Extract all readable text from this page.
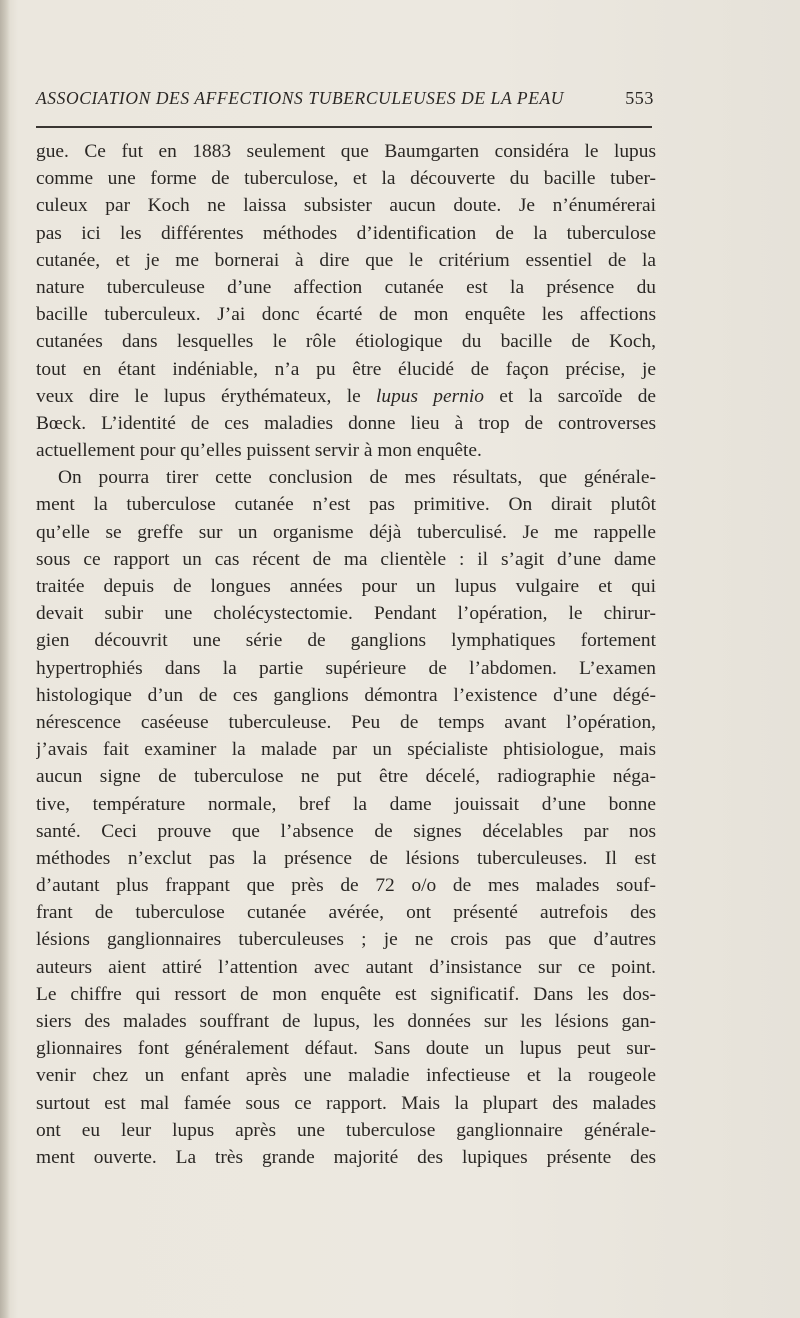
ASSOCIATION DES AFFECTIONS TUBERCULEUSES DE LA PEAU	553
gue. Ce fut en 1883 seulement que Baumgarten considéra le lupus
comme une forme de tuberculose, et la découverte du bacille tuber-
culeux par Koch ne laissa subsister aucun doute. Je n’énumérerai
pas ici les différentes méthodes d’identification de la tuberculose
cutanée, et je me bornerai à dire que le critérium essentiel de la
nature tuberculeuse d’une affection cutanée est la présence du
bacille tuberculeux. J’ai donc écarté de mon enquête les affections
cutanées dans lesquelles le rôle étiologique du bacille de Koch,
tout en étant indéniable, n’a pu être élucidé de façon précise, je
veux dire le lupus érythémateux, le lupus pernio et la sarcoïde de
Bœck. L’identité de ces maladies donne lieu à trop de controverses
actuellement pour qu’elles puissent servir à mon enquête.
On pourra tirer cette conclusion de mes résultats, que générale-
ment la tuberculose cutanée n’est pas primitive. On dirait plutôt
qu’elle se greffe sur un organisme déjà tuberculisé. Je me rappelle
sous ce rapport un cas récent de ma clientèle : il s’agit d’une dame
traitée depuis de longues années pour un lupus vulgaire et qui
devait subir une cholécystectomie. Pendant l’opération, le chirur-
gien découvrit une série de ganglions lymphatiques fortement
hypertrophiés dans la partie supérieure de l’abdomen. L’examen
histologique d’un de ces ganglions démontra l’existence d’une dégé-
nérescence caséeuse tuberculeuse. Peu de temps avant l’opération,
j’avais fait examiner la malade par un spécialiste phtisiologue, mais
aucun signe de tuberculose ne put être décelé, radiographie néga-
tive, température normale, bref la dame jouissait d’une bonne
santé. Ceci prouve que l’absence de signes décelables par nos
méthodes n’exclut pas la présence de lésions tuberculeuses. Il est
d’autant plus frappant que près de 72 o/o de mes malades souf-
frant de tuberculose cutanée avérée, ont présenté autrefois des
lésions ganglionnaires tuberculeuses ; je ne crois pas que d’autres
auteurs aient attiré l’attention avec autant d’insistance sur ce point.
Le chiffre qui ressort de mon enquête est significatif. Dans les dos-
siers des malades souffrant de lupus, les données sur les lésions gan-
glionnaires font généralement défaut. Sans doute un lupus peut sur-
venir chez un enfant après une maladie infectieuse et la rougeole
surtout est mal famée sous ce rapport. Mais la plupart des malades
ont eu leur lupus après une tuberculose ganglionnaire générale-
ment ouverte. La très grande majorité des lupiques présente des
